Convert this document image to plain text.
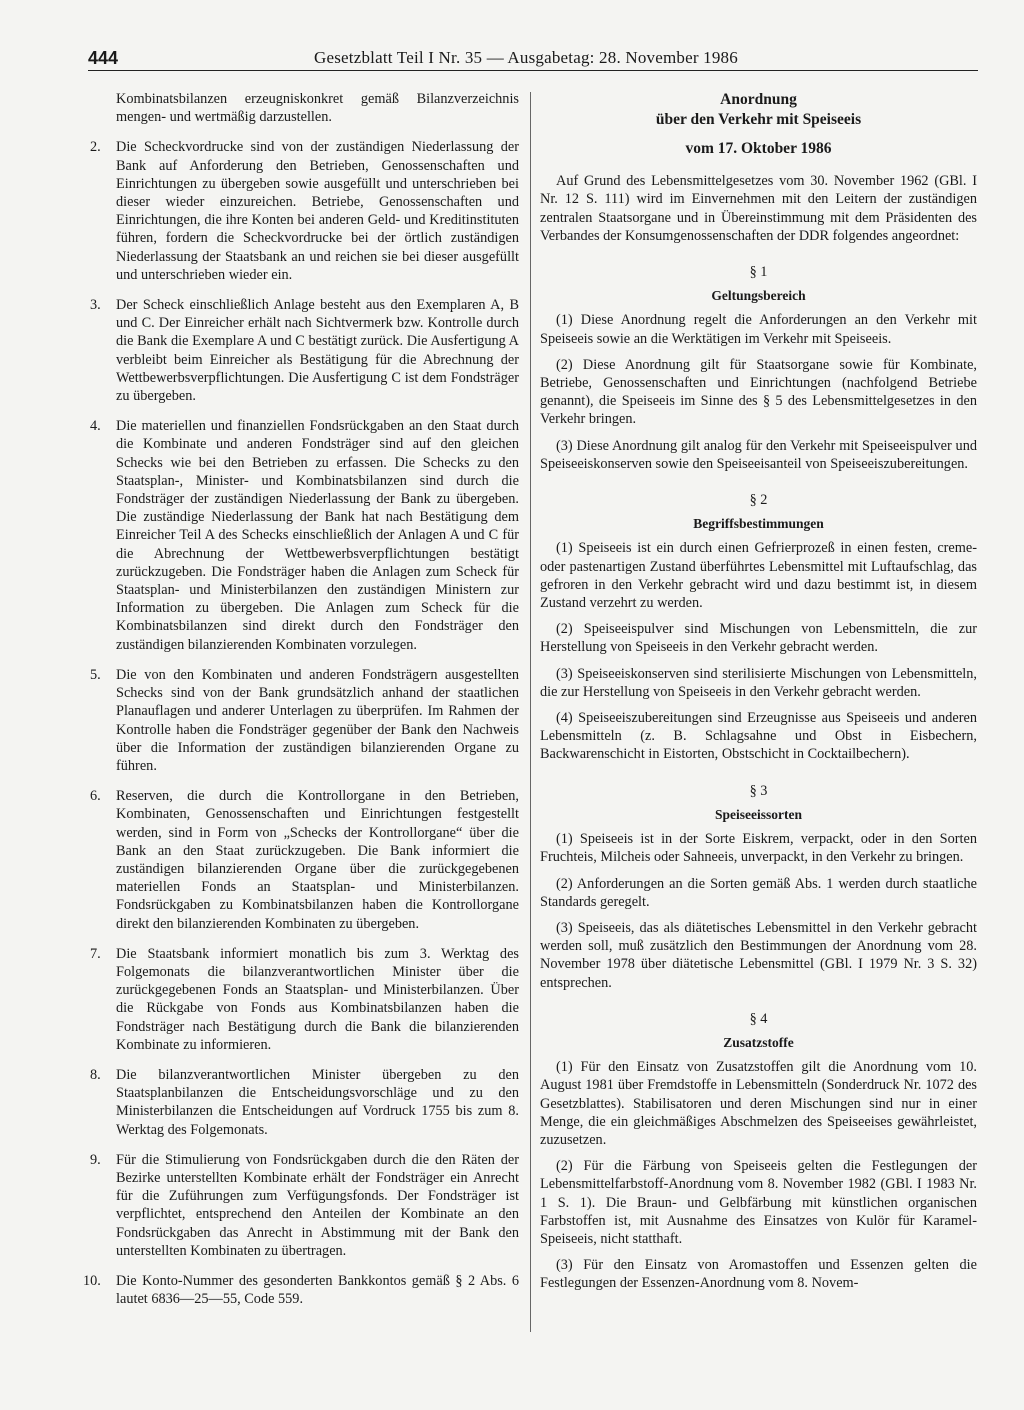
444	Gesetzblatt Teil I Nr. 35 — Ausgabetag: 28. November 1986

Kombinatsbilanzen erzeugniskonkret gemäß Bilanzverzeichnis mengen- und wertmäßig darzustellen.

2.	Die Scheckvordrucke sind von der zuständigen Niederlassung der Bank auf Anforderung den Betrieben, Genossenschaften und Einrichtungen zu übergeben sowie ausgefüllt und unterschrieben bei dieser wieder einzureichen. Betriebe, Genossenschaften und Einrichtungen, die ihre Konten bei anderen Geld- und Kreditinstituten führen, fordern die Scheckvordrucke bei der örtlich zuständigen Niederlassung der Staatsbank an und reichen sie bei dieser ausgefüllt und unterschrieben wieder ein.
3.	Der Scheck einschließlich Anlage besteht aus den Exemplaren A, B und C. Der Einreicher erhält nach Sichtvermerk bzw. Kontrolle durch die Bank die Exemplare A und C bestätigt zurück. Die Ausfertigung A verbleibt beim Einreicher als Bestätigung für die Abrechnung der Wettbewerbsverpflichtungen. Die Ausfertigung C ist dem Fondsträger zu übergeben.
4.	Die materiellen und finanziellen Fondsrückgaben an den Staat durch die Kombinate und anderen Fondsträger sind auf den gleichen Schecks wie bei den Betrieben zu erfassen. Die Schecks zu den Staatsplan-, Minister- und Kombinatsbilanzen sind durch die Fondsträger der zuständigen Niederlassung der Bank zu übergeben. Die zuständige Niederlassung der Bank hat nach Bestätigung dem Einreicher Teil A des Schecks einschließlich der Anlagen A und C für die Abrechnung der Wettbewerbsverpflichtungen bestätigt zurückzugeben. Die Fondsträger haben die Anlagen zum Scheck für Staatsplan- und Ministerbilanzen den zuständigen Ministern zur Information zu übergeben. Die Anlagen zum Scheck für die Kombinatsbilanzen sind direkt durch den Fondsträger den zuständigen bilanzierenden Kombinaten vorzulegen.
5.	Die von den Kombinaten und anderen Fondsträgern ausgestellten Schecks sind von der Bank grundsätzlich anhand der staatlichen Planauflagen und anderer Unterlagen zu überprüfen. Im Rahmen der Kontrolle haben die Fondsträger gegenüber der Bank den Nachweis über die Information der zuständigen bilanzierenden Organe zu führen.
6.	Reserven, die durch die Kontrollorgane in den Betrieben, Kombinaten, Genossenschaften und Einrichtungen festgestellt werden, sind in Form von „Schecks der Kontrollorgane“ über die Bank an den Staat zurückzugeben. Die Bank informiert die zuständigen bilanzierenden Organe über die zurückgegebenen materiellen Fonds an Staatsplan- und Ministerbilanzen. Fondsrückgaben zu Kombinatsbilanzen haben die Kontrollorgane direkt den bilanzierenden Kombinaten zu übergeben.
7.	Die Staatsbank informiert monatlich bis zum 3. Werktag des Folgemonats die bilanzverantwortlichen Minister über die zurückgegebenen Fonds an Staatsplan- und Ministerbilanzen. Über die Rückgabe von Fonds aus Kombinatsbilanzen haben die Fondsträger nach Bestätigung durch die Bank die bilanzierenden Kombinate zu informieren.
8.	Die bilanzverantwortlichen Minister übergeben zu den Staatsplanbilanzen die Entscheidungsvorschläge und zu den Ministerbilanzen die Entscheidungen auf Vordruck 1755 bis zum 8. Werktag des Folgemonats.
9.	Für die Stimulierung von Fondsrückgaben durch die den Räten der Bezirke unterstellten Kombinate erhält der Fondsträger ein Anrecht für die Zuführungen zum Verfügungsfonds. Der Fondsträger ist verpflichtet, entsprechend den Anteilen der Kombinate an den Fondsrückgaben das Anrecht in Abstimmung mit der Bank den unterstellten Kombinaten zu übertragen.
10. Die Konto-Nummer des gesonderten Bankkontos gemäß § 2 Abs. 6 lautet 6836—25—55, Code 559.
Anordnung
über den Verkehr mit Speiseeis
vom 17. Oktober 1986

Auf Grund des Lebensmittelgesetzes vom 30. November 1962 (GBl. I Nr. 12 S. 111) wird im Einvernehmen mit den Leitern der zuständigen zentralen Staatsorgane und in Übereinstimmung mit dem Präsidenten des Verbandes der Konsumgenossenschaften der DDR folgendes angeordnet:

§ 1
Geltungsbereich

(1) Diese Anordnung regelt die Anforderungen an den Verkehr mit Speiseeis sowie an die Werktätigen im Verkehr mit Speiseeis.

(2) Diese Anordnung gilt für Staatsorgane sowie für Kombinate, Betriebe, Genossenschaften und Einrichtungen (nachfolgend Betriebe genannt), die Speiseeis im Sinne des § 5 des Lebensmittelgesetzes in den Verkehr bringen.

(3) Diese Anordnung gilt analog für den Verkehr mit Speiseeispulver und Speiseeiskonserven sowie den Speiseeisanteil von Speiseeiszubereitungen.

§ 2
Begriffsbestimmungen

(1) Speiseeis ist ein durch einen Gefrierprozeß in einen festen, creme- oder pastenartigen Zustand überführtes Lebensmittel mit Luftaufschlag, das gefroren in den Verkehr gebracht wird und dazu bestimmt ist, in diesem Zustand verzehrt zu werden.

(2) Speiseeispulver sind Mischungen von Lebensmitteln, die zur Herstellung von Speiseeis in den Verkehr gebracht werden.

(3) Speiseeiskonserven sind sterilisierte Mischungen von Lebensmitteln, die zur Herstellung von Speiseeis in den Verkehr gebracht werden.

(4) Speiseeiszubereitungen sind Erzeugnisse aus Speiseeis und anderen Lebensmitteln (z. B. Schlagsahne und Obst in Eisbechern, Backwarenschicht in Eistorten, Obstschicht in Cocktailbechern).

§ 3
Speiseeissorten

(1) Speiseeis ist in der Sorte Eiskrem, verpackt, oder in den Sorten Fruchteis, Milcheis oder Sahneeis, unverpackt, in den Verkehr zu bringen.

(2) Anforderungen an die Sorten gemäß Abs. 1 werden durch staatliche Standards geregelt.

(3) Speiseeis, das als diätetisches Lebensmittel in den Verkehr gebracht werden soll, muß zusätzlich den Bestimmungen der Anordnung vom 28. November 1978 über diätetische Lebensmittel (GBl. I 1979 Nr. 3 S. 32) entsprechen.

§ 4
Zusatzstoffe

(1) Für den Einsatz von Zusatzstoffen gilt die Anordnung vom 10. August 1981 über Fremdstoffe in Lebensmitteln (Sonderdruck Nr. 1072 des Gesetzblattes). Stabilisatoren und deren Mischungen sind nur in einer Menge, die ein gleichmäßiges Abschmelzen des Speiseeises gewährleistet, zuzusetzen.

(2) Für die Färbung von Speiseeis gelten die Festlegungen der Lebensmittelfarbstoff-Anordnung vom 8. November 1982 (GBl. I 1983 Nr. 1 S. 1). Die Braun- und Gelbfärbung mit künstlichen organischen Farbstoffen ist, mit Ausnahme des Einsatzes von Kulör für Karamel-Speiseeis, nicht statthaft.

(3) Für den Einsatz von Aromastoffen und Essenzen gelten die Festlegungen der Essenzen-Anordnung vom 8. Novem-
